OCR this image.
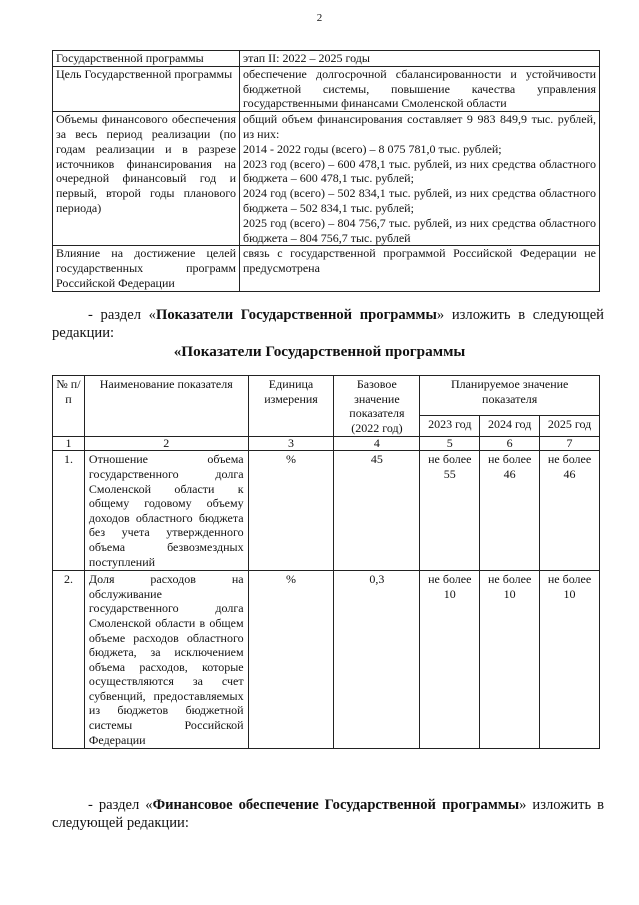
2
Государственной программы	этап II: 2022 – 2025 годы

Цель Государственной программы	обеспечение долгосрочной сбалансированности и устойчивости бюджетной системы, повышение качества управления государственными финансами Смоленской области

Объемы финансового обеспечения за весь период реализации (по годам реализации и в разрезе источников финансирования на очередной финансовый год и первый, второй годы планового периода)	общий объем финансирования составляет 9 983 849,9 тыс. рублей, из них:
2014 - 2022 годы (всего) – 8 075 781,0 тыс. рублей;
2023 год (всего) – 600 478,1 тыс. рублей, из них средства областного бюджета – 600 478,1 тыс. рублей;
2024 год (всего) – 502 834,1 тыс. рублей, из них средства областного бюджета – 502 834,1 тыс. рублей;
2025 год (всего) – 804 756,7 тыс. рублей, из них средства областного бюджета – 804 756,7 тыс. рублей

Влияние на достижение целей государственных программ Российской Федерации	связь с государственной программой Российской Федерации не предусмотрена
- раздел «Показатели Государственной программы» изложить в следующей редакции:
«Показатели Государственной программы
№ п/п	Наименование показателя	Единица измерения	Базовое значение показателя (2022 год)	Планируемое значение показателя		
				2023 год	2024 год	2025 год
1	2	3	4	5	6	7
1.	Отношение объема государственного долга Смоленской области к общему годовому объему доходов областного бюджета без учета утвержденного объема безвозмездных поступлений	%	45	не более 55	не более 46	не более 46
2.	Доля расходов на обслуживание государственного долга Смоленской области в общем объеме расходов областного бюджета, за исключением объема расходов, которые осуществляются за счет субвенций, предоставляемых из бюджетов бюджетной системы Российской Федерации	%	0,3	не более 10	не более 10	не более 10
- раздел «Финансовое обеспечение Государственной программы» изложить в следующей редакции:
